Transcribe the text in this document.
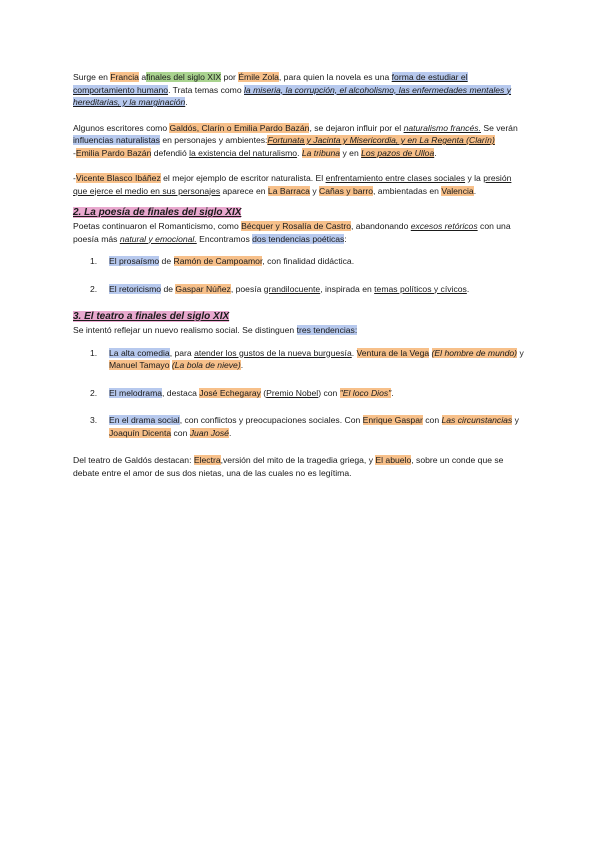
Surge en Francia afinales del siglo XIX por Émile Zola, para quien la novela es una forma de estudiar el comportamiento humano. Trata temas como la miseria, la corrupción, el alcoholismo, las enfermedades mentales y hereditarias, y la marginación.

Algunos escritores como Galdós, Clarín o Emilia Pardo Bazán, se dejaron influir por el naturalismo francés. Se verán influencias naturalistas en personajes y ambientes:Fortunata y Jacinta y Misericordia, y en La Regenta (Clarín)

-Emilia Pardo Bazán defendió la existencia del naturalismo. La tribuna y en Los pazos de Ulloa.

-Vicente Blasco Ibáñez el mejor ejemplo de escritor naturalista. El enfrentamiento entre clases sociales y la presión que ejerce el medio en sus personajes aparece en La Barraca y Cañas y barro, ambientadas en Valencia.

2. La poesía de finales del siglo XIX

Poetas continuaron el Romanticismo, como Bécquer y Rosalía de Castro, abandonando excesos retóricos con una poesía más natural y emocional. Encontramos dos tendencias poéticas:

1. El prosaísmo de Ramón de Campoamor, con finalidad didáctica.
2. El retoricismo de Gaspar Núñez, poesía grandilocuente, inspirada en temas políticos y cívicos.

3. El teatro a finales del siglo XIX

Se intentó reflejar un nuevo realismo social. Se distinguen tres tendencias:

1. La alta comedia, para atender los gustos de la nueva burguesía. Ventura de la Vega (El hombre de mundo) y Manuel Tamayo (La bola de nieve).
2. El melodrama, destaca José Echegaray (Premio Nobel) con "El loco Dios".
3. En el drama social, con conflictos y preocupaciones sociales. Con Enrique Gaspar con Las circunstancias y Joaquín Dicenta con Juan José.

Del teatro de Galdós destacan: Electra,versión del mito de la tragedia griega, y El abuelo, sobre un conde que se debate entre el amor de sus dos nietas, una de las cuales no es legítima.
